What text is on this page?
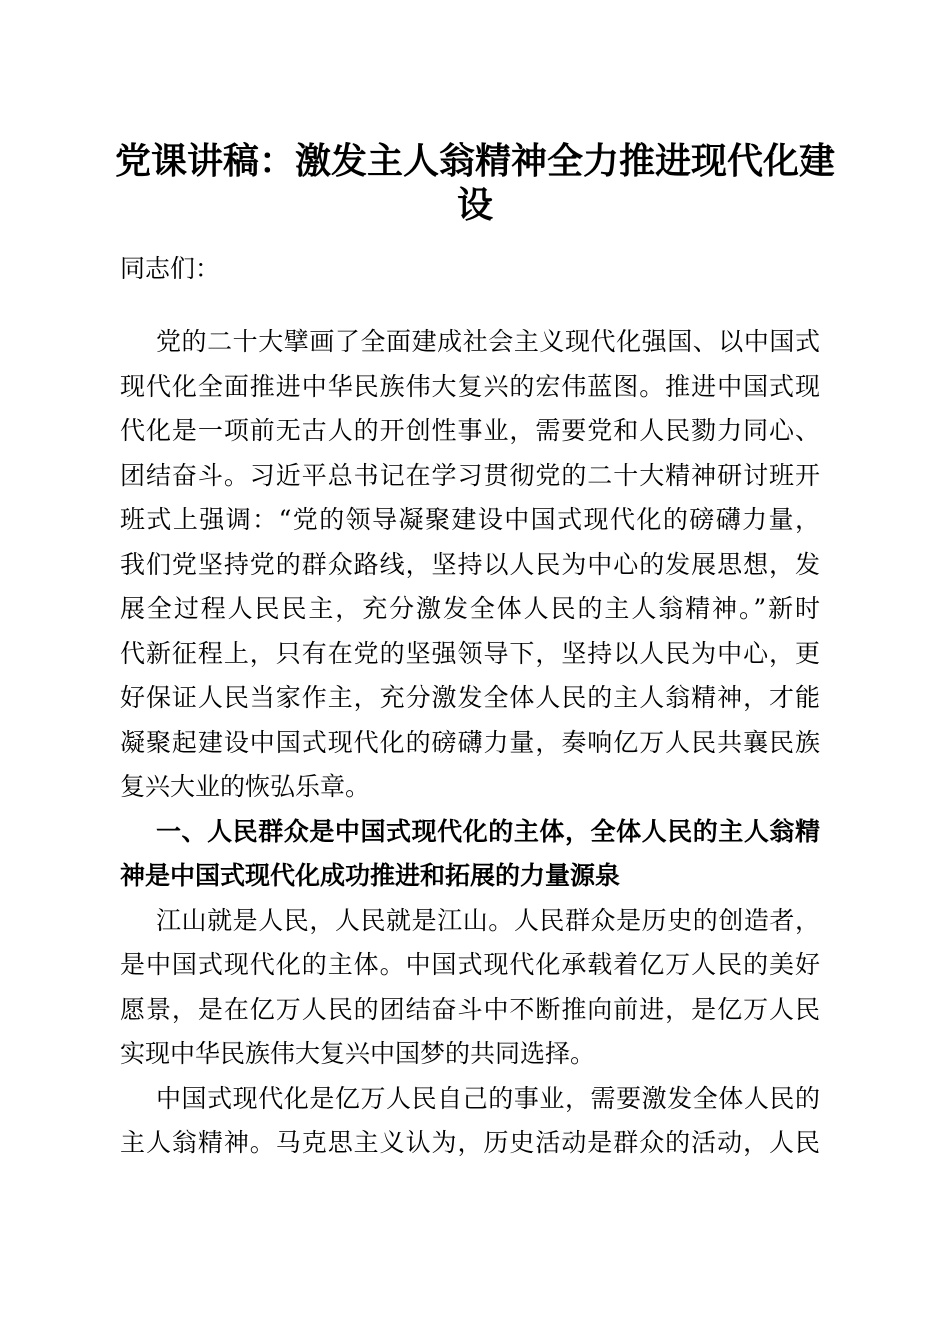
党课讲稿：激发主人翁精神全力推进现代化建
设
同志们：
党的二十大擘画了全面建成社会主义现代化强国、以中国式
现代化全面推进中华民族伟大复兴的宏伟蓝图。推进中国式现
代化是一项前无古人的开创性事业，需要党和人民勠力同心、
团结奋斗。习近平总书记在学习贯彻党的二十大精神研讨班开
班式上强调：“党的领导凝聚建设中国式现代化的磅礴力量，
我们党坚持党的群众路线，坚持以人民为中心的发展思想，发
展全过程人民民主，充分激发全体人民的主人翁精神。”新时
代新征程上，只有在党的坚强领导下，坚持以人民为中心，更
好保证人民当家作主，充分激发全体人民的主人翁精神，才能
凝聚起建设中国式现代化的磅礴力量，奏响亿万人民共襄民族
复兴大业的恢弘乐章。
一、人民群众是中国式现代化的主体，全体人民的主人翁精
神是中国式现代化成功推进和拓展的力量源泉
江山就是人民，人民就是江山。人民群众是历史的创造者，
是中国式现代化的主体。中国式现代化承载着亿万人民的美好
愿景，是在亿万人民的团结奋斗中不断推向前进，是亿万人民
实现中华民族伟大复兴中国梦的共同选择。
中国式现代化是亿万人民自己的事业，需要激发全体人民的
主人翁精神。马克思主义认为，历史活动是群众的活动，人民
